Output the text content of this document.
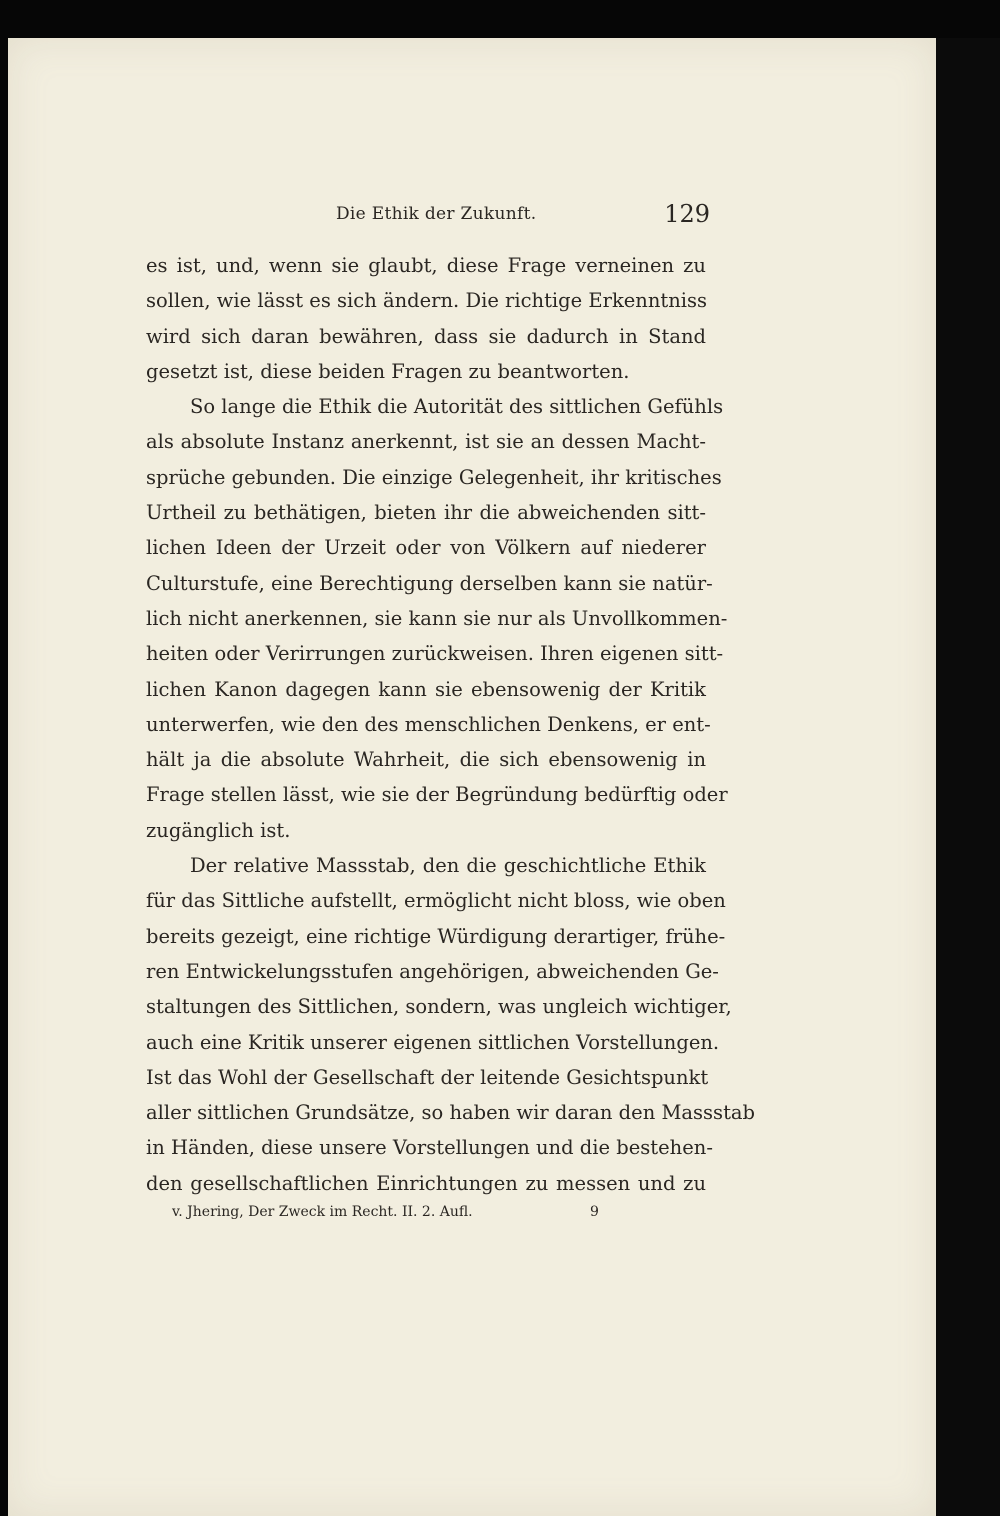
Die Ethik der Zukunft.	129
es ist, und, wenn sie glaubt, diese Frage verneinen zu
sollen, wie lässt es sich ändern. Die richtige Erkenntniss
wird sich daran bewähren, dass sie dadurch in Stand
gesetzt ist, diese beiden Fragen zu beantworten.
So lange die Ethik die Autorität des sittlichen Gefühls
als absolute Instanz anerkennt, ist sie an dessen Macht-
sprüche gebunden. Die einzige Gelegenheit, ihr kritisches
Urtheil zu bethätigen, bieten ihr die abweichenden sitt-
lichen Ideen der Urzeit oder von Völkern auf niederer
Culturstufe, eine Berechtigung derselben kann sie natür-
lich nicht anerkennen, sie kann sie nur als Unvollkommen-
heiten oder Verirrungen zurückweisen. Ihren eigenen sitt-
lichen Kanon dagegen kann sie ebensowenig der Kritik
unterwerfen, wie den des menschlichen Denkens, er ent-
hält ja die absolute Wahrheit, die sich ebensowenig in
Frage stellen lässt, wie sie der Begründung bedürftig oder
zugänglich ist.
Der relative Massstab, den die geschichtliche Ethik
für das Sittliche aufstellt, ermöglicht nicht bloss, wie oben
bereits gezeigt, eine richtige Würdigung derartiger, frühe-
ren Entwickelungsstufen angehörigen, abweichenden Ge-
staltungen des Sittlichen, sondern, was ungleich wichtiger,
auch eine Kritik unserer eigenen sittlichen Vorstellungen.
Ist das Wohl der Gesellschaft der leitende Gesichtspunkt
aller sittlichen Grundsätze, so haben wir daran den Massstab
in Händen, diese unsere Vorstellungen und die bestehen-
den gesellschaftlichen Einrichtungen zu messen und zu
v. Jhering, Der Zweck im Recht. II. 2. Aufl.	9
